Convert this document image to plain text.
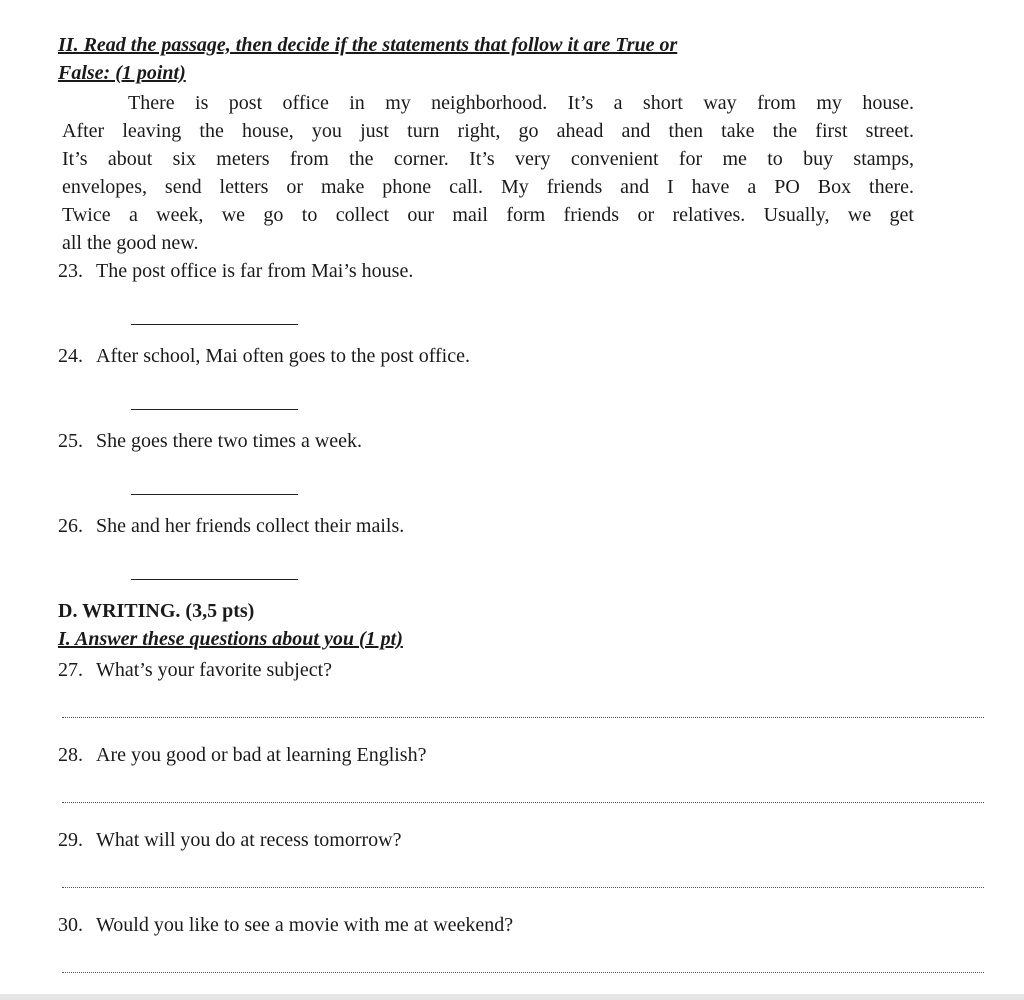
II. Read the passage, then decide if the statements that follow it are True or
False: (1 point)
There is post office in my neighborhood. It’s a short way from my house.
After leaving the house, you just turn right, go ahead and then take the first street.
It’s about six meters from the corner. It’s very convenient for me to buy stamps,
envelopes, send letters or make phone call. My friends and I have a PO Box there.
Twice a week, we go to collect our mail form friends or relatives. Usually, we get
all the good new.
23. The post office is far from Mai’s house.
24. After school, Mai often goes to the post office.
25. She goes there two times a week.
26. She and her friends collect their mails.
D. WRITING. (3,5 pts)
I. Answer these questions about you (1 pt)
27. What’s your favorite subject?
28. Are you good or bad at learning English?
29. What will you do at recess tomorrow?
30. Would you like to see a movie with me at weekend?
